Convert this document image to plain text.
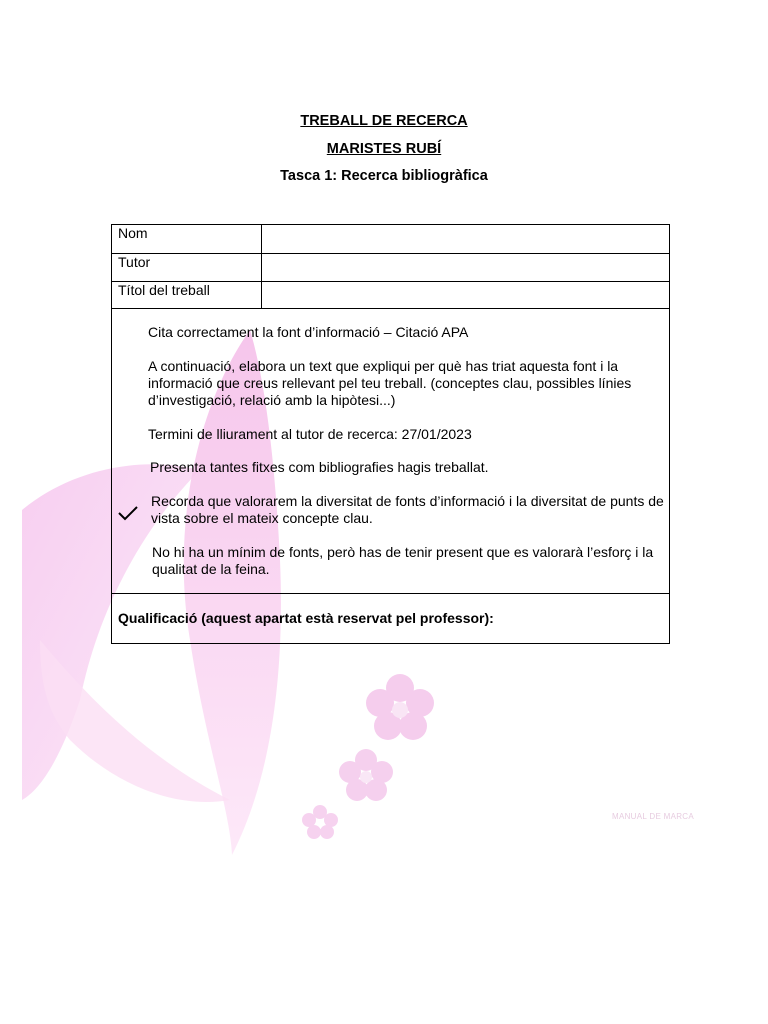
MANUAL DE MARCA
TREBALL DE RECERCA
MARISTES RUBÍ
Tasca 1: Recerca bibliogràfica
Nom
Tutor
Títol del treball
Cita correctament la font d’informació – Citació APA
A continuació, elabora un text que expliqui per què has triat aquesta font i la informació que creus rellevant pel teu treball. (conceptes clau, possibles línies d’investigació, relació amb la hipòtesi...)
Termini de lliurament al tutor de recerca: 27/01/2023
Presenta tantes fitxes com bibliografies hagis treballat.
Recorda que valorarem la diversitat de fonts d’informació i la diversitat de punts de vista sobre el mateix concepte clau.
No hi ha un mínim de fonts, però has de tenir present que es valorarà l’esforç i la qualitat de la feina.
Qualificació (aquest apartat està reservat pel professor):
